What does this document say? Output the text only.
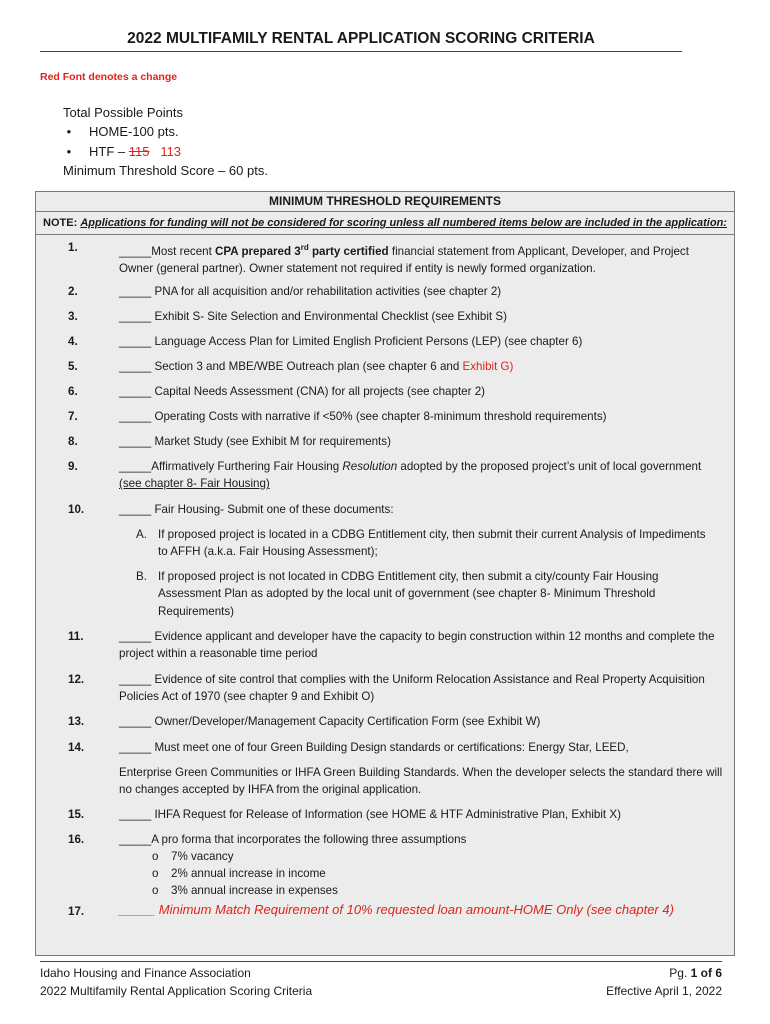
2022 MULTIFAMILY RENTAL APPLICATION SCORING CRITERIA
Red Font denotes a change
Total Possible Points
• HOME-100 pts.
• HTF – 115 113
Minimum Threshold Score – 60 pts.
MINIMUM THRESHOLD REQUIREMENTS
NOTE: Applications for funding will not be considered for scoring unless all numbered items below are included in the application:
1.	_____Most recent CPA prepared 3rd party certified financial statement from Applicant, Developer, and Project Owner (general partner). Owner statement not required if entity is newly formed organization.
2.	_____ PNA for all acquisition and/or rehabilitation activities (see chapter 2)
3.	_____ Exhibit S- Site Selection and Environmental Checklist (see Exhibit S)
4.	_____ Language Access Plan for Limited English Proficient Persons (LEP) (see chapter 6)
5.	_____ Section 3 and MBE/WBE Outreach plan (see chapter 6 and Exhibit G)
6.	_____ Capital Needs Assessment (CNA) for all projects (see chapter 2)
7.	_____ Operating Costs with narrative if <50% (see chapter 8-minimum threshold requirements)
8.	_____ Market Study (see Exhibit M for requirements)
9.	_____Affirmatively Furthering Fair Housing Resolution adopted by the proposed project’s unit of local government (see chapter 8- Fair Housing)
10.	_____ Fair Housing- Submit one of these documents:
A. If proposed project is located in a CDBG Entitlement city, then submit their current Analysis of Impediments to AFFH (a.k.a. Fair Housing Assessment);
B. If proposed project is not located in CDBG Entitlement city, then submit a city/county Fair Housing Assessment Plan as adopted by the local unit of government (see chapter 8- Minimum Threshold Requirements)
11.	_____ Evidence applicant and developer have the capacity to begin construction within 12 months and complete the project within a reasonable time period
12.	_____ Evidence of site control that complies with the Uniform Relocation Assistance and Real Property Acquisition Policies Act of 1970 (see chapter 9 and Exhibit O)
13.	_____ Owner/Developer/Management Capacity Certification Form (see Exhibit W)
14.	_____ Must meet one of four Green Building Design standards or certifications: Energy Star, LEED,
Enterprise Green Communities or IHFA Green Building Standards. When the developer selects the standard there will no changes accepted by IHFA from the original application.
15.	_____ IHFA Request for Release of Information (see HOME & HTF Administrative Plan, Exhibit X)
16.	_____A pro forma that incorporates the following three assumptions
o 7% vacancy
o 2% annual increase in income
o 3% annual increase in expenses
17.	_____ Minimum Match Requirement of 10% requested loan amount-HOME Only (see chapter 4)
Idaho Housing and Finance Association
2022 Multifamily Rental Application Scoring Criteria
Pg. 1 of 6
Effective April 1, 2022
